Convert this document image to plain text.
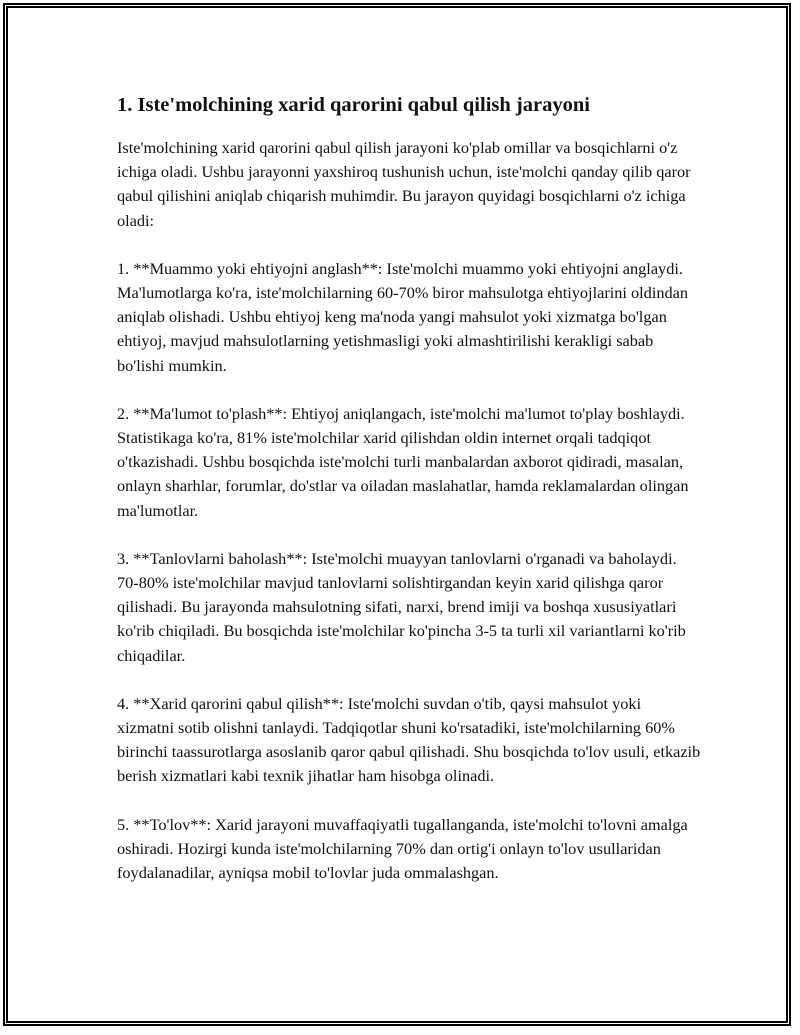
1. Iste'molchining xarid qarorini qabul qilish jarayoni

Iste'molchining xarid qarorini qabul qilish jarayoni ko'plab omillar va bosqichlarni o'z ichiga oladi. Ushbu jarayonni yaxshiroq tushunish uchun, iste'molchi qanday qilib qaror qabul qilishini aniqlab chiqarish muhimdir. Bu jarayon quyidagi bosqichlarni o'z ichiga oladi:

1. **Muammo yoki ehtiyojni anglash**: Iste'molchi muammo yoki ehtiyojni anglaydi. Ma'lumotlarga ko'ra, iste'molchilarning 60-70% biror mahsulotga ehtiyojlarini oldindan aniqlab olishadi. Ushbu ehtiyoj keng ma'noda yangi mahsulot yoki xizmatga bo'lgan ehtiyoj, mavjud mahsulotlarning yetishmasligi yoki almashtirilishi kerakligi sabab bo'lishi mumkin.

2. **Ma'lumot to'plash**: Ehtiyoj aniqlangach, iste'molchi ma'lumot to'play boshlaydi. Statistikaga ko'ra, 81% iste'molchilar xarid qilishdan oldin internet orqali tadqiqot o'tkazishadi. Ushbu bosqichda iste'molchi turli manbalardan axborot qidiradi, masalan, onlayn sharhlar, forumlar, do'stlar va oiladan maslahatlar, hamda reklamalardan olingan ma'lumotlar.

3. **Tanlovlarni baholash**: Iste'molchi muayyan tanlovlarni o'rganadi va baholaydi. 70-80% iste'molchilar mavjud tanlovlarni solishtirgandan keyin xarid qilishga qaror qilishadi. Bu jarayonda mahsulotning sifati, narxi, brend imiji va boshqa xususiyatlari ko'rib chiqiladi. Bu bosqichda iste'molchilar ko'pincha 3-5 ta turli xil variantlarni ko'rib chiqadilar.

4. **Xarid qarorini qabul qilish**: Iste'molchi suvdan o'tib, qaysi mahsulot yoki xizmatni sotib olishni tanlaydi. Tadqiqotlar shuni ko'rsatadiki, iste'molchilarning 60% birinchi taassurotlarga asoslanib qaror qabul qilishadi. Shu bosqichda to'lov usuli, etkazib berish xizmatlari kabi texnik jihatlar ham hisobga olinadi.

5. **To'lov**: Xarid jarayoni muvaffaqiyatli tugallanganda, iste'molchi to'lovni amalga oshiradi. Hozirgi kunda iste'molchilarning 70% dan ortig'i onlayn to'lov usullaridan foydalanadilar, ayniqsa mobil to'lovlar juda ommalashgan.
